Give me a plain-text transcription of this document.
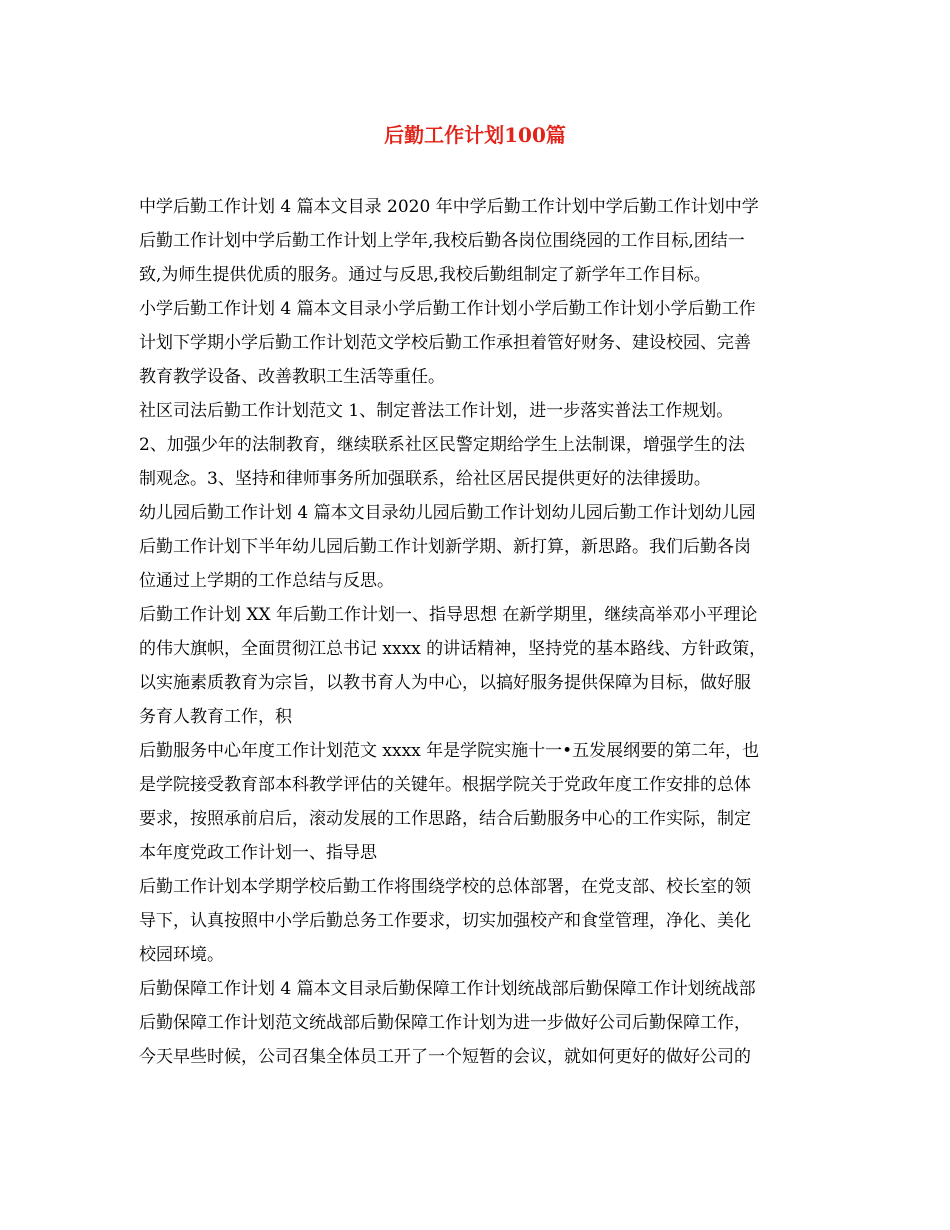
后勤工作计划100篇
中学后勤工作计划 4 篇本文目录 2020 年中学后勤工作计划中学后勤工作计划中学
后勤工作计划中学后勤工作计划上学年,我校后勤各岗位围绕园的工作目标,团结一
致,为师生提供优质的服务。通过与反思,我校后勤组制定了新学年工作目标。
小学后勤工作计划 4 篇本文目录小学后勤工作计划小学后勤工作计划小学后勤工作
计划下学期小学后勤工作计划范文学校后勤工作承担着管好财务、建设校园、完善
教育教学设备、改善教职工生活等重任。
社区司法后勤工作计划范文 1、制定普法工作计划，进一步落实普法工作规划。
2、加强少年的法制教育，继续联系社区民警定期给学生上法制课，增强学生的法
制观念。3、坚持和律师事务所加强联系，给社区居民提供更好的法律援助。
幼儿园后勤工作计划 4 篇本文目录幼儿园后勤工作计划幼儿园后勤工作计划幼儿园
后勤工作计划下半年幼儿园后勤工作计划新学期、新打算，新思路。我们后勤各岗
位通过上学期的工作总结与反思。
后勤工作计划 XX 年后勤工作计划一、指导思想 在新学期里，继续高举邓小平理论
的伟大旗帜，全面贯彻江总书记 xxxx 的讲话精神，坚持党的基本路线、方针政策，
以实施素质教育为宗旨，以教书育人为中心，以搞好服务提供保障为目标，做好服
务育人教育工作，积
后勤服务中心年度工作计划范文 xxxx 年是学院实施十一•五发展纲要的第二年，也
是学院接受教育部本科教学评估的关键年。根据学院关于党政年度工作安排的总体
要求，按照承前启后，滚动发展的工作思路，结合后勤服务中心的工作实际，制定
本年度党政工作计划一、指导思
后勤工作计划本学期学校后勤工作将围绕学校的总体部署，在党支部、校长室的领
导下，认真按照中小学后勤总务工作要求，切实加强校产和食堂管理，净化、美化
校园环境。
后勤保障工作计划 4 篇本文目录后勤保障工作计划统战部后勤保障工作计划统战部
后勤保障工作计划范文统战部后勤保障工作计划为进一步做好公司后勤保障工作，
今天早些时候，公司召集全体员工开了一个短暂的会议，就如何更好的做好公司的
